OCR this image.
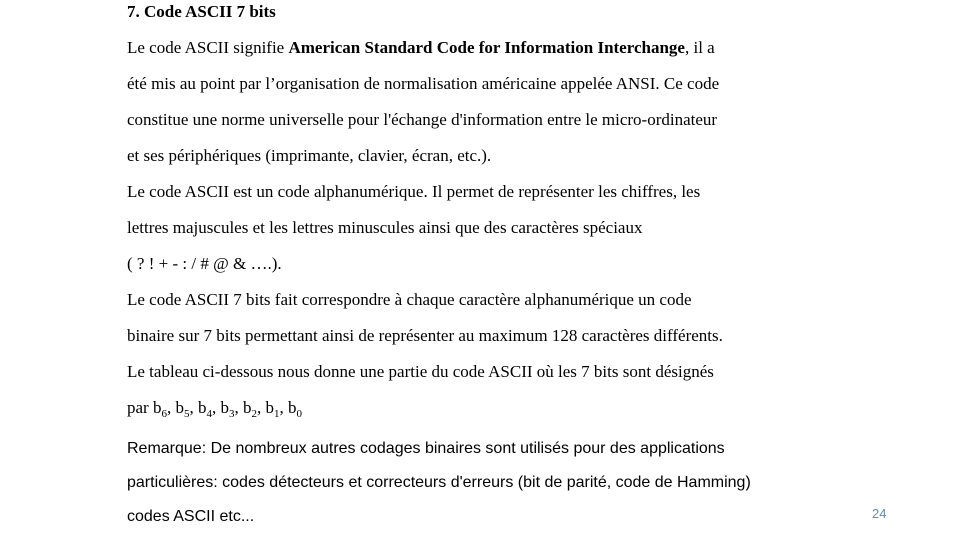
7. Code ASCII 7 bits
Le code ASCII signifie American Standard Code for Information Interchange, il a
été mis au point par l’organisation de normalisation américaine appelée ANSI. Ce code
constitue une norme universelle pour l'échange d'information entre le micro-ordinateur
et ses périphériques (imprimante, clavier, écran, etc.).
Le code ASCII est un code alphanumérique. Il permet de représenter les chiffres, les
lettres majuscules et les lettres minuscules ainsi que des caractères spéciaux
( ? ! + - : / # @ & ….).
Le code ASCII 7 bits fait correspondre à chaque caractère alphanumérique un code
binaire sur 7 bits permettant ainsi de représenter au maximum 128 caractères différents.
Le tableau ci-dessous nous donne une partie du code ASCII où les 7 bits sont désignés
par $b_6$, $b_5$, $b_4$, $b_3$, $b_2$, $b_1$, $b_0$
Remarque: De nombreux autres codages binaires sont utilisés pour des applications
particulières: codes détecteurs et correcteurs d'erreurs (bit de parité, code de Hamming)
codes ASCII etc...	24
